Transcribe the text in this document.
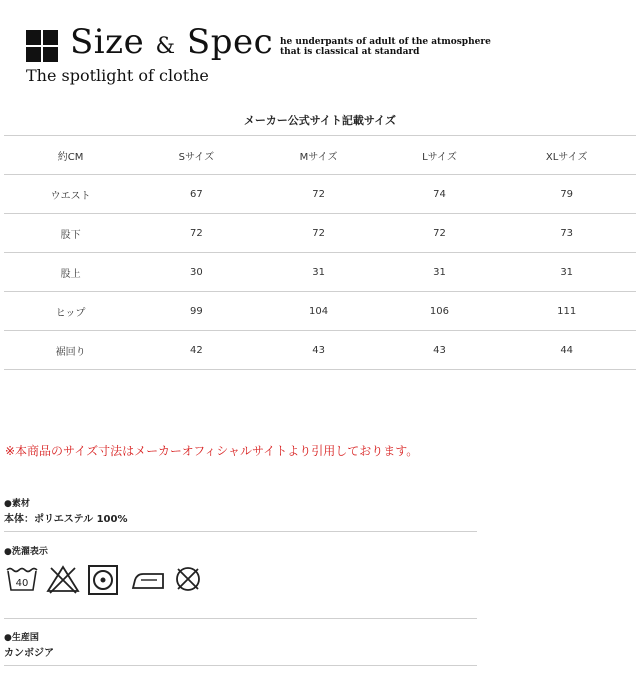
Size & Spec
The spotlight of clothe
he underpants of adult of the atmosphere
that is classical at standard
メーカー公式サイト記載サイズ
約CM	Sサイズ	Mサイズ	Lサイズ	XLサイズ
ウエスト	67	72	74	79
股下	72	72	72	73
股上	30	31	31	31
ヒップ	99	104	106	111
裾回り	42	43	43	44
※本商品のサイズ寸法はメーカーオフィシャルサイトより引用しております。
●素材
本体：ポリエステル 100%
●洗濯表示
40
●生産国
カンボジア
